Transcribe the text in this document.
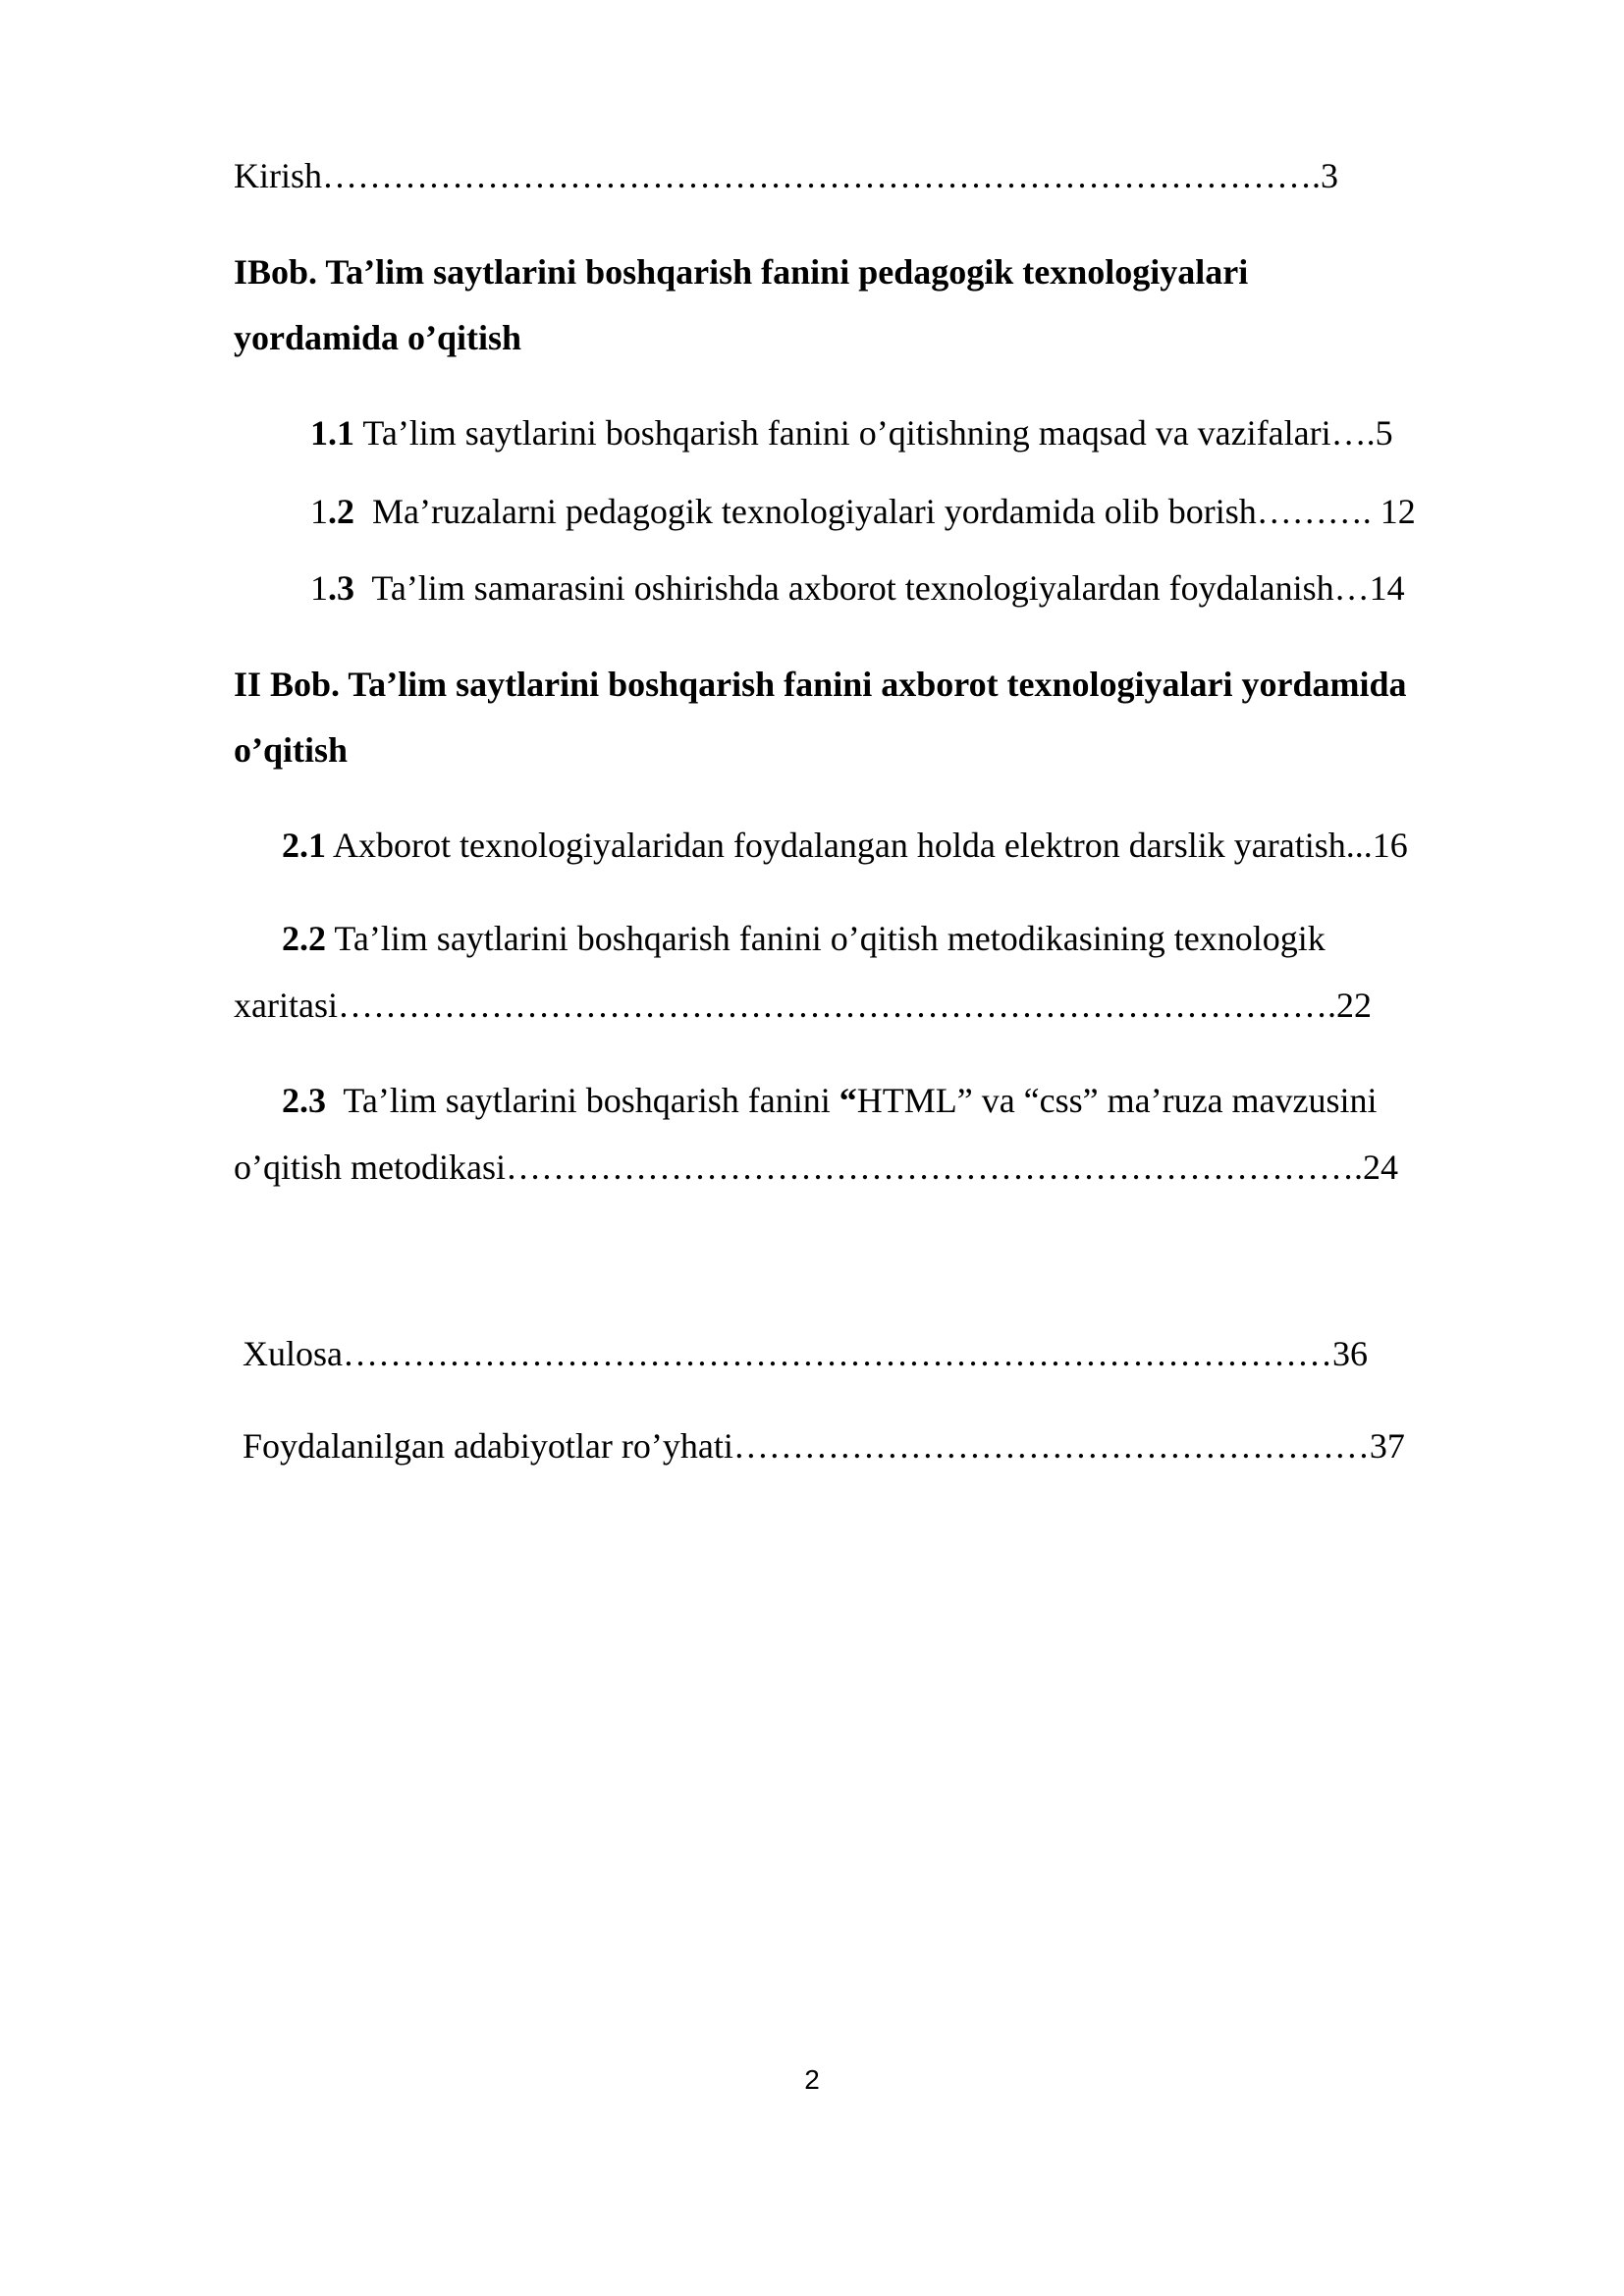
Kirish………………………………………………………………………….3
IBob. Ta’lim saytlarini boshqarish fanini pedagogik texnologiyalari
yordamida o’qitish
1.1 Ta’lim saytlarini boshqarish fanini o’qitishning maqsad va vazifalari….5
1.2 Ma’ruzalarni pedagogik texnologiyalari yordamida olib borish………. 12
1.3 Ta’lim samarasini oshirishda axborot texnologiyalardan foydalanish…14
II Bob. Ta’lim saytlarini boshqarish fanini axborot texnologiyalari yordamida
o’qitish
2.1 Axborot texnologiyalaridan foydalangan holda elektron darslik yaratish...16
2.2 Ta’lim saytlarini boshqarish fanini o’qitish metodikasining texnologik
xaritasi………………………………………………………………………….22
2.3 Ta’lim saytlarini boshqarish fanini “HTML” va “css” ma’ruza mavzusini
o’qitish metodikasi……………………………………………………………….24
Xulosa…………………………………………………………………………36
Foydalanilgan adabiyotlar ro’yhati………………………………………………37
2
